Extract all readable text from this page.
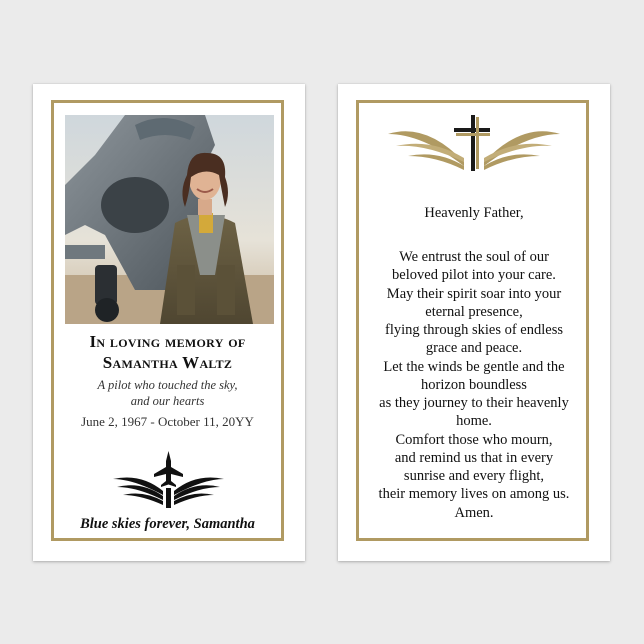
In loving memory of
Samantha Waltz
A pilot who touched the sky,
and our hearts
June 2, 1967 - October 11, 20YY
Blue skies forever, Samantha
Heavenly Father,
We entrust the soul of our
beloved pilot into your care.
May their spirit soar into your
eternal presence,
flying through skies of endless
grace and peace.
Let the winds be gentle and the
horizon boundless
as they journey to their heavenly
home.
Comfort those who mourn,
and remind us that in every
sunrise and every flight,
their memory lives on among us.
Amen.
